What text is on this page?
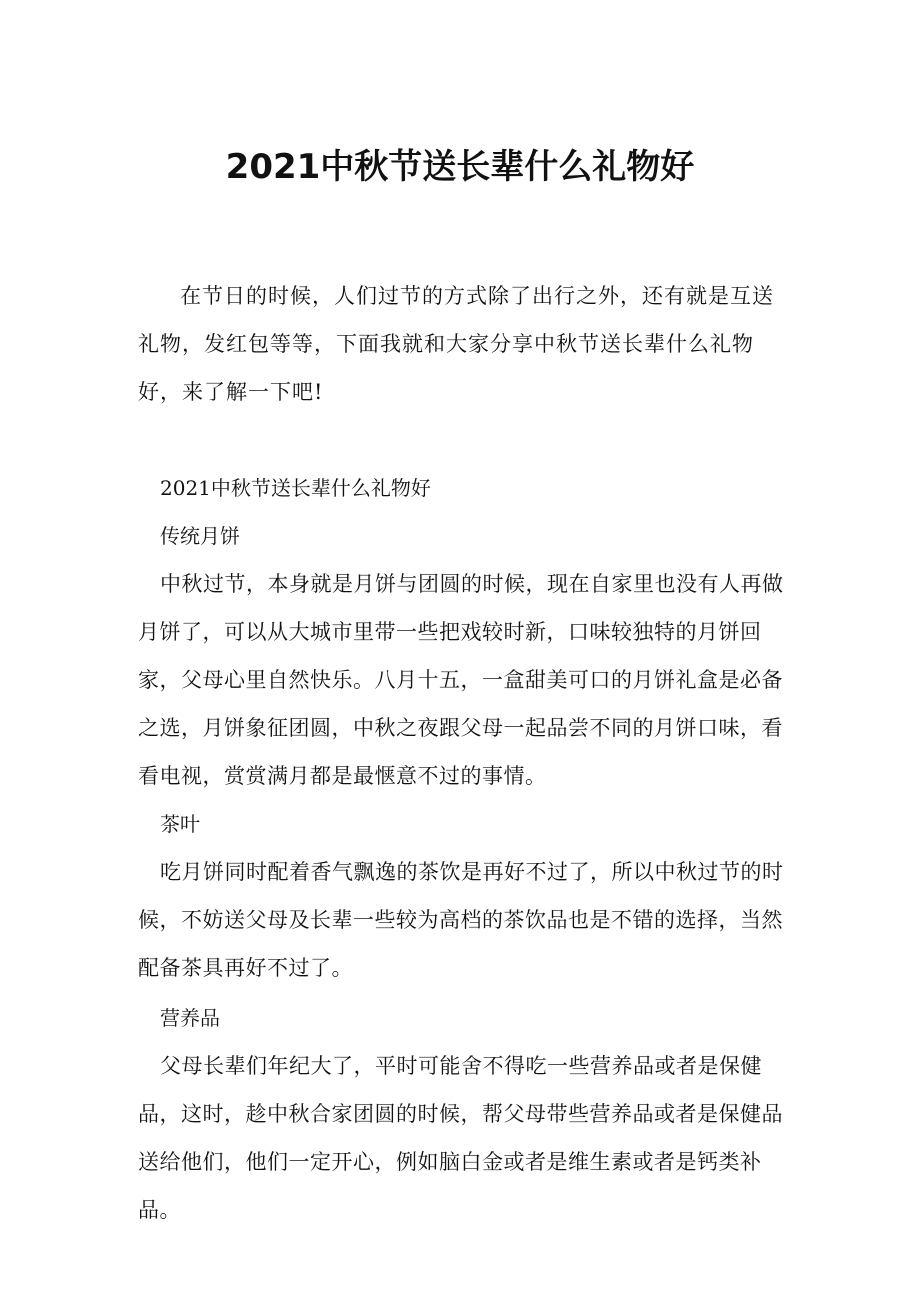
2021中秋节送长辈什么礼物好

在节日的时候，人们过节的方式除了出行之外，还有就是互送礼物，发红包等等，下面我就和大家分享中秋节送长辈什么礼物好，来了解一下吧!

2021中秋节送长辈什么礼物好

传统月饼

中秋过节，本身就是月饼与团圆的时候，现在自家里也没有人再做月饼了，可以从大城市里带一些把戏较时新，口味较独特的月饼回家，父母心里自然快乐。八月十五，一盒甜美可口的月饼礼盒是必备之选，月饼象征团圆，中秋之夜跟父母一起品尝不同的月饼口味，看看电视，赏赏满月都是最惬意不过的事情。

茶叶

吃月饼同时配着香气飘逸的茶饮是再好不过了，所以中秋过节的时候，不妨送父母及长辈一些较为高档的茶饮品也是不错的选择，当然配备茶具再好不过了。

营养品

父母长辈们年纪大了，平时可能舍不得吃一些营养品或者是保健品，这时，趁中秋合家团圆的时候，帮父母带些营养品或者是保健品送给他们，他们一定开心，例如脑白金或者是维生素或者是钙类补品。
